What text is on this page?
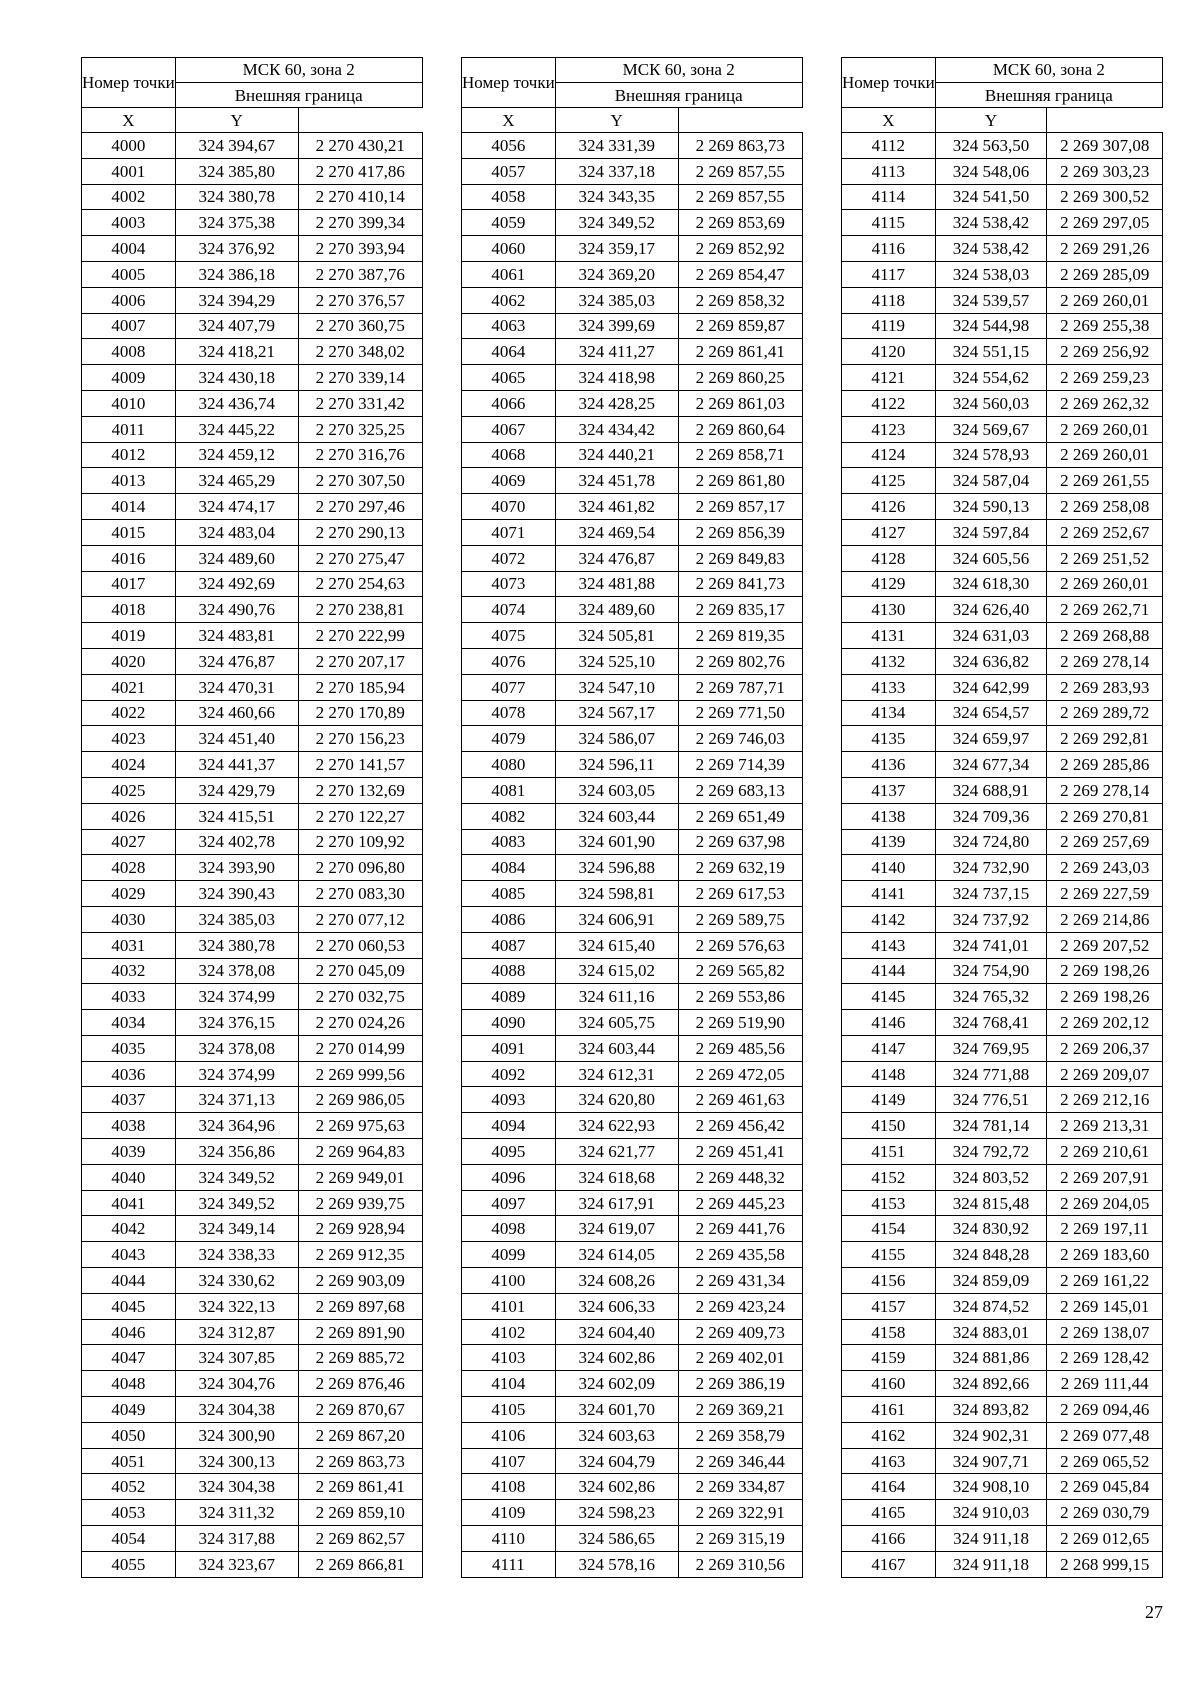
Номер точки	МСК 60, зона 2	
	Внешняя граница	
X	Y	
4000	324 394,67	2 270 430,21
4001	324 385,80	2 270 417,86
4002	324 380,78	2 270 410,14
4003	324 375,38	2 270 399,34
4004	324 376,92	2 270 393,94
4005	324 386,18	2 270 387,76
4006	324 394,29	2 270 376,57
4007	324 407,79	2 270 360,75
4008	324 418,21	2 270 348,02
4009	324 430,18	2 270 339,14
4010	324 436,74	2 270 331,42
4011	324 445,22	2 270 325,25
4012	324 459,12	2 270 316,76
4013	324 465,29	2 270 307,50
4014	324 474,17	2 270 297,46
4015	324 483,04	2 270 290,13
4016	324 489,60	2 270 275,47
4017	324 492,69	2 270 254,63
4018	324 490,76	2 270 238,81
4019	324 483,81	2 270 222,99
4020	324 476,87	2 270 207,17
4021	324 470,31	2 270 185,94
4022	324 460,66	2 270 170,89
4023	324 451,40	2 270 156,23
4024	324 441,37	2 270 141,57
4025	324 429,79	2 270 132,69
4026	324 415,51	2 270 122,27
4027	324 402,78	2 270 109,92
4028	324 393,90	2 270 096,80
4029	324 390,43	2 270 083,30
4030	324 385,03	2 270 077,12
4031	324 380,78	2 270 060,53
4032	324 378,08	2 270 045,09
4033	324 374,99	2 270 032,75
4034	324 376,15	2 270 024,26
4035	324 378,08	2 270 014,99
4036	324 374,99	2 269 999,56
4037	324 371,13	2 269 986,05
4038	324 364,96	2 269 975,63
4039	324 356,86	2 269 964,83
4040	324 349,52	2 269 949,01
4041	324 349,52	2 269 939,75
4042	324 349,14	2 269 928,94
4043	324 338,33	2 269 912,35
4044	324 330,62	2 269 903,09
4045	324 322,13	2 269 897,68
4046	324 312,87	2 269 891,90
4047	324 307,85	2 269 885,72
4048	324 304,76	2 269 876,46
4049	324 304,38	2 269 870,67
4050	324 300,90	2 269 867,20
4051	324 300,13	2 269 863,73
4052	324 304,38	2 269 861,41
4053	324 311,32	2 269 859,10
4054	324 317,88	2 269 862,57
4055	324 323,67	2 269 866,81
Номер точки	МСК 60, зона 2	
	Внешняя граница	
X	Y	
4056	324 331,39	2 269 863,73
4057	324 337,18	2 269 857,55
4058	324 343,35	2 269 857,55
4059	324 349,52	2 269 853,69
4060	324 359,17	2 269 852,92
4061	324 369,20	2 269 854,47
4062	324 385,03	2 269 858,32
4063	324 399,69	2 269 859,87
4064	324 411,27	2 269 861,41
4065	324 418,98	2 269 860,25
4066	324 428,25	2 269 861,03
4067	324 434,42	2 269 860,64
4068	324 440,21	2 269 858,71
4069	324 451,78	2 269 861,80
4070	324 461,82	2 269 857,17
4071	324 469,54	2 269 856,39
4072	324 476,87	2 269 849,83
4073	324 481,88	2 269 841,73
4074	324 489,60	2 269 835,17
4075	324 505,81	2 269 819,35
4076	324 525,10	2 269 802,76
4077	324 547,10	2 269 787,71
4078	324 567,17	2 269 771,50
4079	324 586,07	2 269 746,03
4080	324 596,11	2 269 714,39
4081	324 603,05	2 269 683,13
4082	324 603,44	2 269 651,49
4083	324 601,90	2 269 637,98
4084	324 596,88	2 269 632,19
4085	324 598,81	2 269 617,53
4086	324 606,91	2 269 589,75
4087	324 615,40	2 269 576,63
4088	324 615,02	2 269 565,82
4089	324 611,16	2 269 553,86
4090	324 605,75	2 269 519,90
4091	324 603,44	2 269 485,56
4092	324 612,31	2 269 472,05
4093	324 620,80	2 269 461,63
4094	324 622,93	2 269 456,42
4095	324 621,77	2 269 451,41
4096	324 618,68	2 269 448,32
4097	324 617,91	2 269 445,23
4098	324 619,07	2 269 441,76
4099	324 614,05	2 269 435,58
4100	324 608,26	2 269 431,34
4101	324 606,33	2 269 423,24
4102	324 604,40	2 269 409,73
4103	324 602,86	2 269 402,01
4104	324 602,09	2 269 386,19
4105	324 601,70	2 269 369,21
4106	324 603,63	2 269 358,79
4107	324 604,79	2 269 346,44
4108	324 602,86	2 269 334,87
4109	324 598,23	2 269 322,91
4110	324 586,65	2 269 315,19
4111	324 578,16	2 269 310,56
Номер точки	МСК 60, зона 2	
	Внешняя граница	
X	Y	
4112	324 563,50	2 269 307,08
4113	324 548,06	2 269 303,23
4114	324 541,50	2 269 300,52
4115	324 538,42	2 269 297,05
4116	324 538,42	2 269 291,26
4117	324 538,03	2 269 285,09
4118	324 539,57	2 269 260,01
4119	324 544,98	2 269 255,38
4120	324 551,15	2 269 256,92
4121	324 554,62	2 269 259,23
4122	324 560,03	2 269 262,32
4123	324 569,67	2 269 260,01
4124	324 578,93	2 269 260,01
4125	324 587,04	2 269 261,55
4126	324 590,13	2 269 258,08
4127	324 597,84	2 269 252,67
4128	324 605,56	2 269 251,52
4129	324 618,30	2 269 260,01
4130	324 626,40	2 269 262,71
4131	324 631,03	2 269 268,88
4132	324 636,82	2 269 278,14
4133	324 642,99	2 269 283,93
4134	324 654,57	2 269 289,72
4135	324 659,97	2 269 292,81
4136	324 677,34	2 269 285,86
4137	324 688,91	2 269 278,14
4138	324 709,36	2 269 270,81
4139	324 724,80	2 269 257,69
4140	324 732,90	2 269 243,03
4141	324 737,15	2 269 227,59
4142	324 737,92	2 269 214,86
4143	324 741,01	2 269 207,52
4144	324 754,90	2 269 198,26
4145	324 765,32	2 269 198,26
4146	324 768,41	2 269 202,12
4147	324 769,95	2 269 206,37
4148	324 771,88	2 269 209,07
4149	324 776,51	2 269 212,16
4150	324 781,14	2 269 213,31
4151	324 792,72	2 269 210,61
4152	324 803,52	2 269 207,91
4153	324 815,48	2 269 204,05
4154	324 830,92	2 269 197,11
4155	324 848,28	2 269 183,60
4156	324 859,09	2 269 161,22
4157	324 874,52	2 269 145,01
4158	324 883,01	2 269 138,07
4159	324 881,86	2 269 128,42
4160	324 892,66	2 269 111,44
4161	324 893,82	2 269 094,46
4162	324 902,31	2 269 077,48
4163	324 907,71	2 269 065,52
4164	324 908,10	2 269 045,84
4165	324 910,03	2 269 030,79
4166	324 911,18	2 269 012,65
4167	324 911,18	2 268 999,15
27
